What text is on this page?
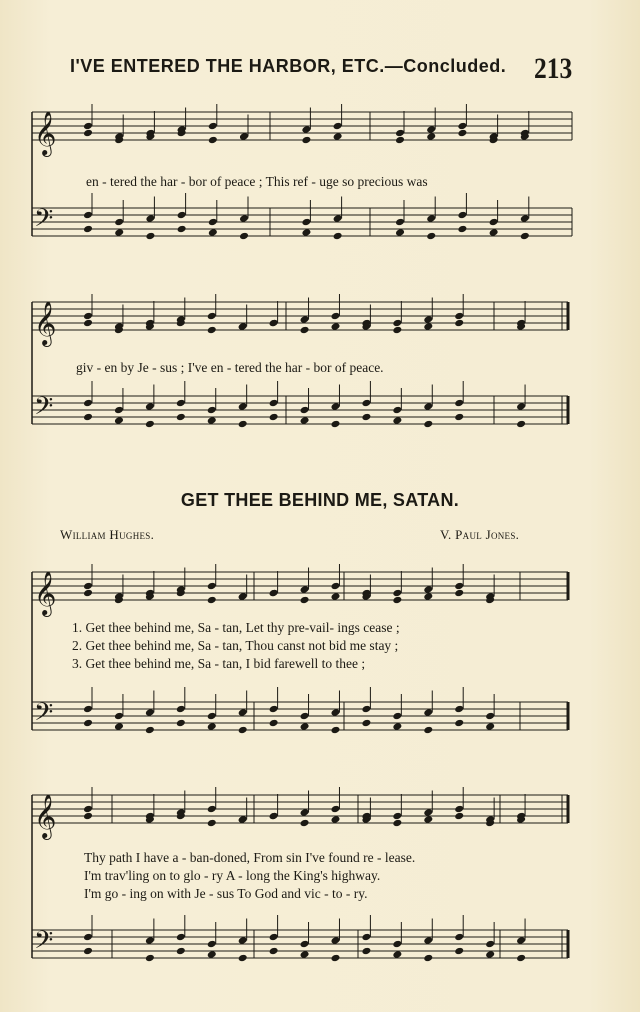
I'VE ENTERED THE HARBOR, ETC.—Concluded. 213
𝄞
𝄢
𝄞
𝄢
𝄞
𝄢
𝄞
𝄢
en - tered the har - bor of peace ; This ref - uge so precious was
giv - en by Je - sus ; I've en - tered the har - bor of peace.
GET THEE BEHIND ME, SATAN.
William Hughes.	V. Paul Jones.
1. Get thee behind me, Sa - tan, Let thy pre-vail- ings cease ;
2. Get thee behind me, Sa - tan, Thou canst not bid me stay ;
3. Get thee behind me, Sa - tan, I bid farewell to thee ;
Thy path I have a - ban-doned, From sin I've found re - lease.
I'm trav'ling on to glo - ry A - long the King's highway.
I'm go - ing on with Je - sus To God and vic - to - ry.
